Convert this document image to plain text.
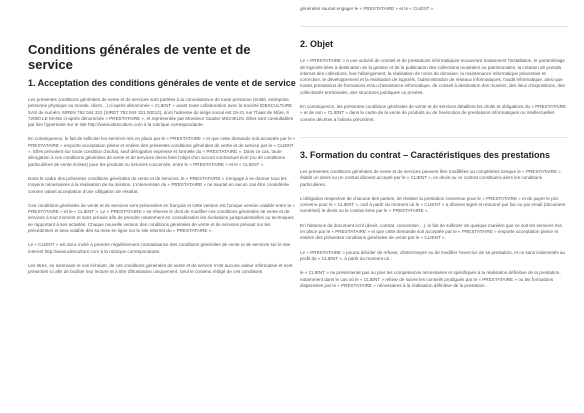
Conditions générales de vente et de service
1. Acceptation des conditions générales de vente et de service

Les présentes conditions générales de vente et de services sont portées à la connaissance de toute personne (entité, entreprise, personne physique ou morale, client…) ci-après dénommée « CLIENT » avant toute collaboration avec la Société IDESCULTURE SAS de numéro SIREN 752 044 321 (SIRET 752 044 321 00012), dont l'adresse du siège social est 19-21 rue Thiais de Mûre, 6 72000 LE MANS ci-après dénommée « PRESTATAIRE », et représentée par Monsieur Gautier MICHELIN. Elles sont consultables par lien hypertexte sur le site http://www.idesculture.com à la rubrique correspondante.

En conséquence, le fait de solliciter les services mis en place par le « PRESTATAIRE » et que cette demande soit acceptée par le « PRESTATAIRE » emporte acceptation pleine et entière des présentes conditions générales de vente et de service par le « CLIENT ». Elles prévalent sur toute condition d'achat, sauf dérogation expresse et formelle du « PRESTATAIRE ». Dans ce cas, toute dérogation à ces conditions générales de vente et de services devra faire l'objet d'un accord contractuel écrit (ou de conditions particulières de vente écrites) pour les produits ou services concernés, entre le « PRESTATAIRE » et le « CLIENT ».

Dans le cadre des présentes conditions générales de vente et de services, le « PRESTATAIRE » s'engage à se donner tous les moyens nécessaires à la réalisation de sa mission. L'intervention du « PRESTATAIRE » ne saurait en aucun cas être considérée comme valant acceptation d'une obligation de résultat.

Ces conditions générales de vente et de services sont présentées en français et cette version est l'unique version valable entre le « PRESTATAIRE » et le « CLIENT ». Le « PRESTATAIRE » se réserve le droit de modifier ces conditions générales de vente et de services à tout moment et sans préavis afin de prendre notamment en considération les évolutions jurisprudentielles ou techniques se rapportant à ses activités. Chaque nouvelle version des conditions générales de vente et de services prévaut sur les précédentes et sera valable dès sa mise en ligne sur le site internet du « PRESTATAIRE ».

Le « CLIENT » est donc invité à prendre régulièrement connaissance des conditions générales de vente et de services sur le site internet http://www.idesculture.com à la rubrique correspondante.

Les titres, en sommaire le cas échéant, de ces conditions générales de vente et de service n'ont aucune valeur informative et sont présentés ici afin de faciliter leur lecture et à titre d'illustration uniquement. Seul le contenu rédigé de ces conditions

générales saurait engager le « PRESTATAIRE » et le « CLIENT ».

2. Objet

Le « PRESTATAIRE » a une activité de conseil et de prestations informatiques recouvrant notamment l'installation, le paramétrage de logiciels liées à destination de la gestion et de la publication des collections muséales ou patrimoniales, la création de portails internet des collections, leur hébergement, la réalisation de noms de domaine, la maintenance informatique préventive et corrective, le développement et la réalisation de logiciels, l'administration de réseaux informatiques, l'audit informatique, ainsi que toutes prestations de formations et/ou d'assistance informatique, de conseil à destination des musées, des lieux d'expositions, des collectivités territoriales, des structures publiques ou privées.

En conséquence, les présentes conditions générales de vente et de services détaillent les droits et obligations du « PRESTATAIRE » et de son « CLIENT » dans le cadre de la vente de produits ou de l'exécution de prestations informatiques ou intellectuelles comme décrites à l'alinéa précédent.

3. Formation du contrat – Caractéristiques des prestations

Les présentes conditions générales de vente et de services peuvent être modifiées ou complétées lorsque le « PRESTATAIRE » établit un devis ou un contrat dûment accepté par le « CLIENT », ce devis ou ce contrat constituera alors les conditions particulières.

L'obligation respective de chacune des parties, de réaliser la prestation convenue pour le « PRESTATAIRE » et de payer le prix convenu pour le « CLIENT », naît à partir du moment où le « CLIENT » a dûment signé et retourné par fax ou par email (document numérisé) le devis ou le contrat émis par le « PRESTATAIRE ».

En l'absence de document écrit (devis, contrat, convention…), le fait de solliciter de quelque manière que ce soit les services mis en place par le « PRESTATAIRE » et que cette demande soit acceptée par le « PRESTATAIRE » emporte acceptation pleine et entière des présentes conditions générales de vente par le « CLIENT ».

Le « PRESTATAIRE » pourra décider de refuser, d'interrompre ou de modifier l'exercice de sa prestation, et ce sans indemnités au profit du « CLIENT », à partir du moment où :

le « CLIENT » ne présenterait pas ou plus les compétences nécessaires et spécifiques à la réalisation définitive de la prestation, notamment dans le cas où le « CLIENT » refuse de suivre les conseils prodigués par le « PRESTATAIRE » ou les formations dispensées par le « PRESTATAIRE » nécessaires à la réalisation définitive de la prestation.
